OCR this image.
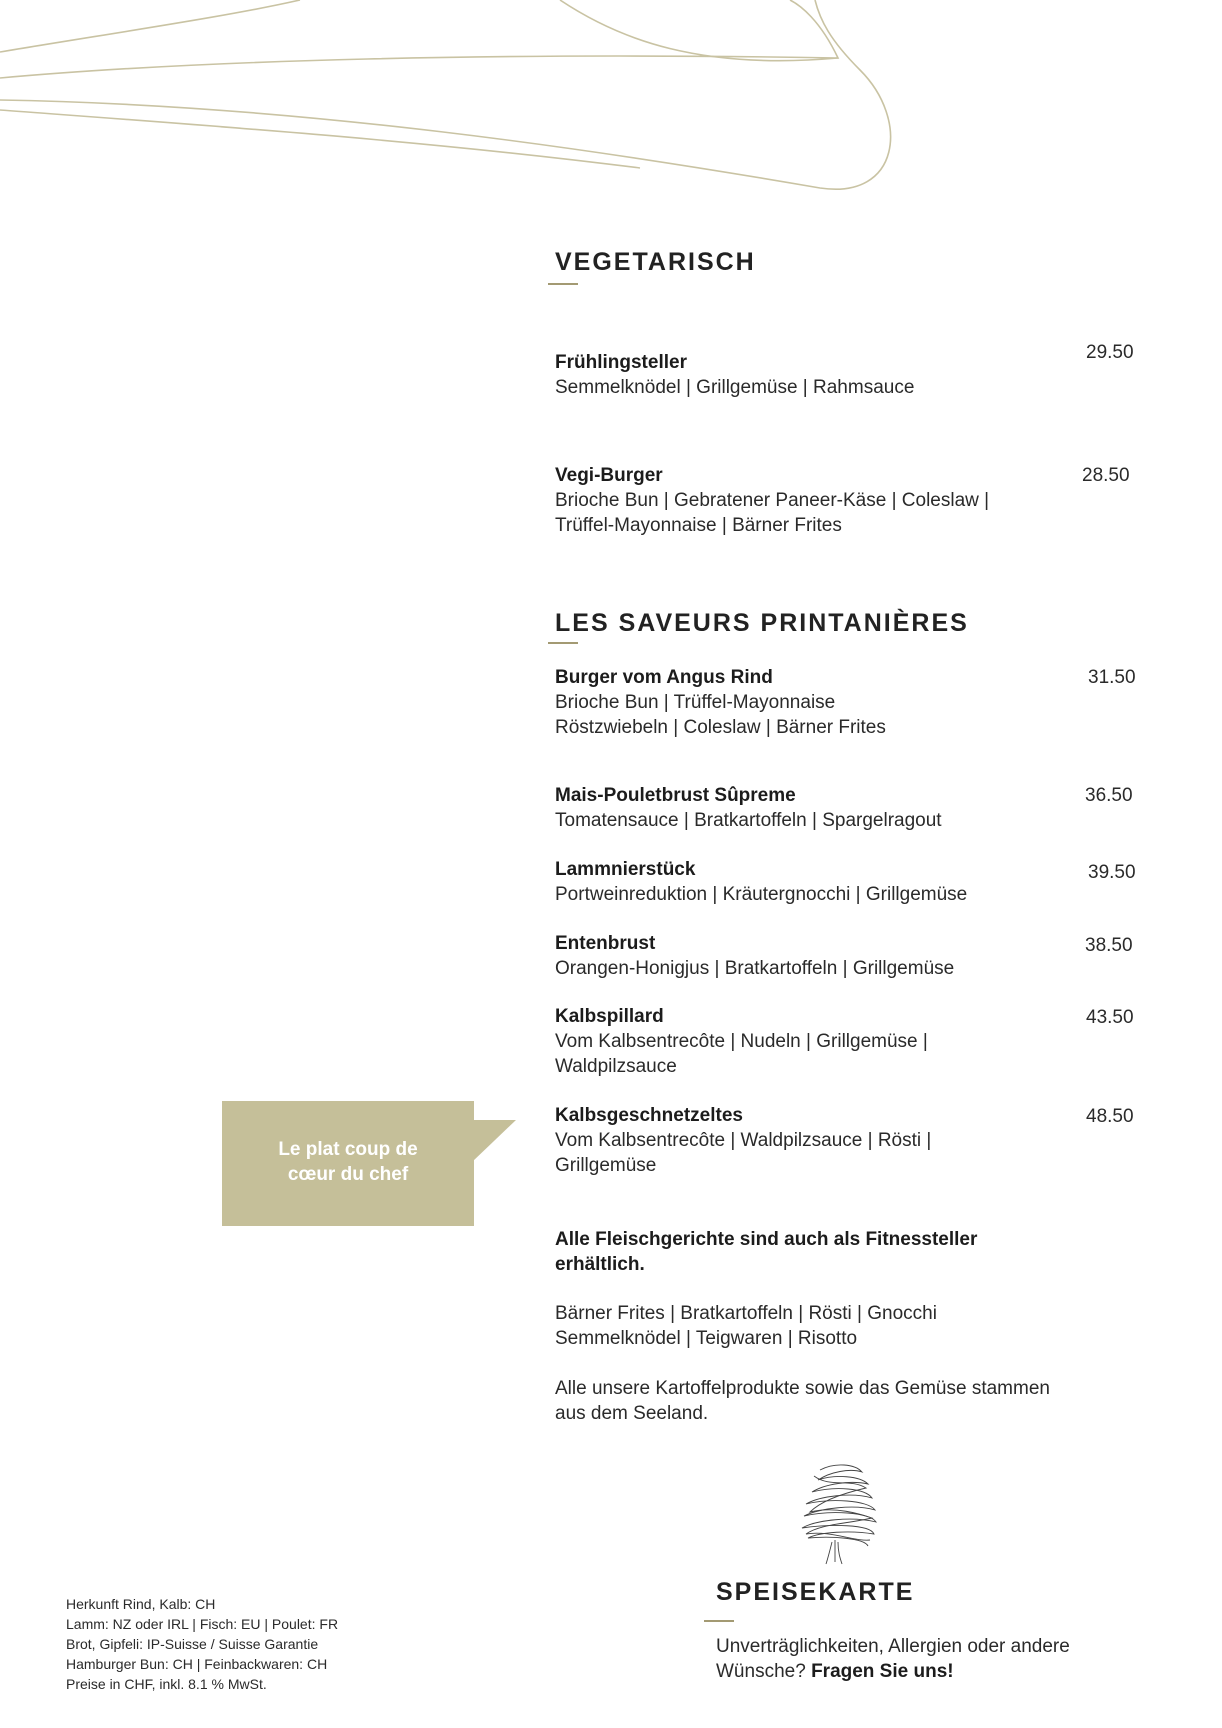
VEGETARISCH
Frühlingsteller
Semmelknödel | Grillgemüse | Rahmsauce
29.50
Vegi-Burger
Brioche Bun | Gebratener Paneer-Käse | Coleslaw |
Trüffel-Mayonnaise | Bärner Frites
28.50
LES SAVEURS PRINTANIÈRES
Burger vom Angus Rind
Brioche Bun | Trüffel-Mayonnaise
Röstzwiebeln | Coleslaw | Bärner Frites
31.50
Mais-Pouletbrust Sûpreme
Tomatensauce | Bratkartoffeln | Spargelragout
36.50
Lammnierstück
Portweinreduktion | Kräutergnocchi | Grillgemüse
39.50
Entenbrust
Orangen-Honigjus | Bratkartoffeln | Grillgemüse
38.50
Kalbspillard
Vom Kalbsentrecôte | Nudeln | Grillgemüse |
Waldpilzsauce
43.50
Kalbsgeschnetzeltes
Vom Kalbsentrecôte | Waldpilzsauce | Rösti |
Grillgemüse
48.50
Le plat coup de
cœur du chef
Alle Fleischgerichte sind auch als Fitnessteller
erhältlich.
Bärner Frites | Bratkartoffeln | Rösti | Gnocchi
Semmelknödel | Teigwaren | Risotto
Alle unsere Kartoffelprodukte sowie das Gemüse stammen
aus dem Seeland.
Herkunft Rind, Kalb: CH
Lamm: NZ oder IRL | Fisch: EU | Poulet: FR
Brot, Gipfeli: IP-Suisse / Suisse Garantie
Hamburger Bun: CH | Feinbackwaren: CH
Preise in CHF, inkl. 8.1 % MwSt.
SPEISEKARTE
Unverträglichkeiten, Allergien oder andere
Wünsche? Fragen Sie uns!
